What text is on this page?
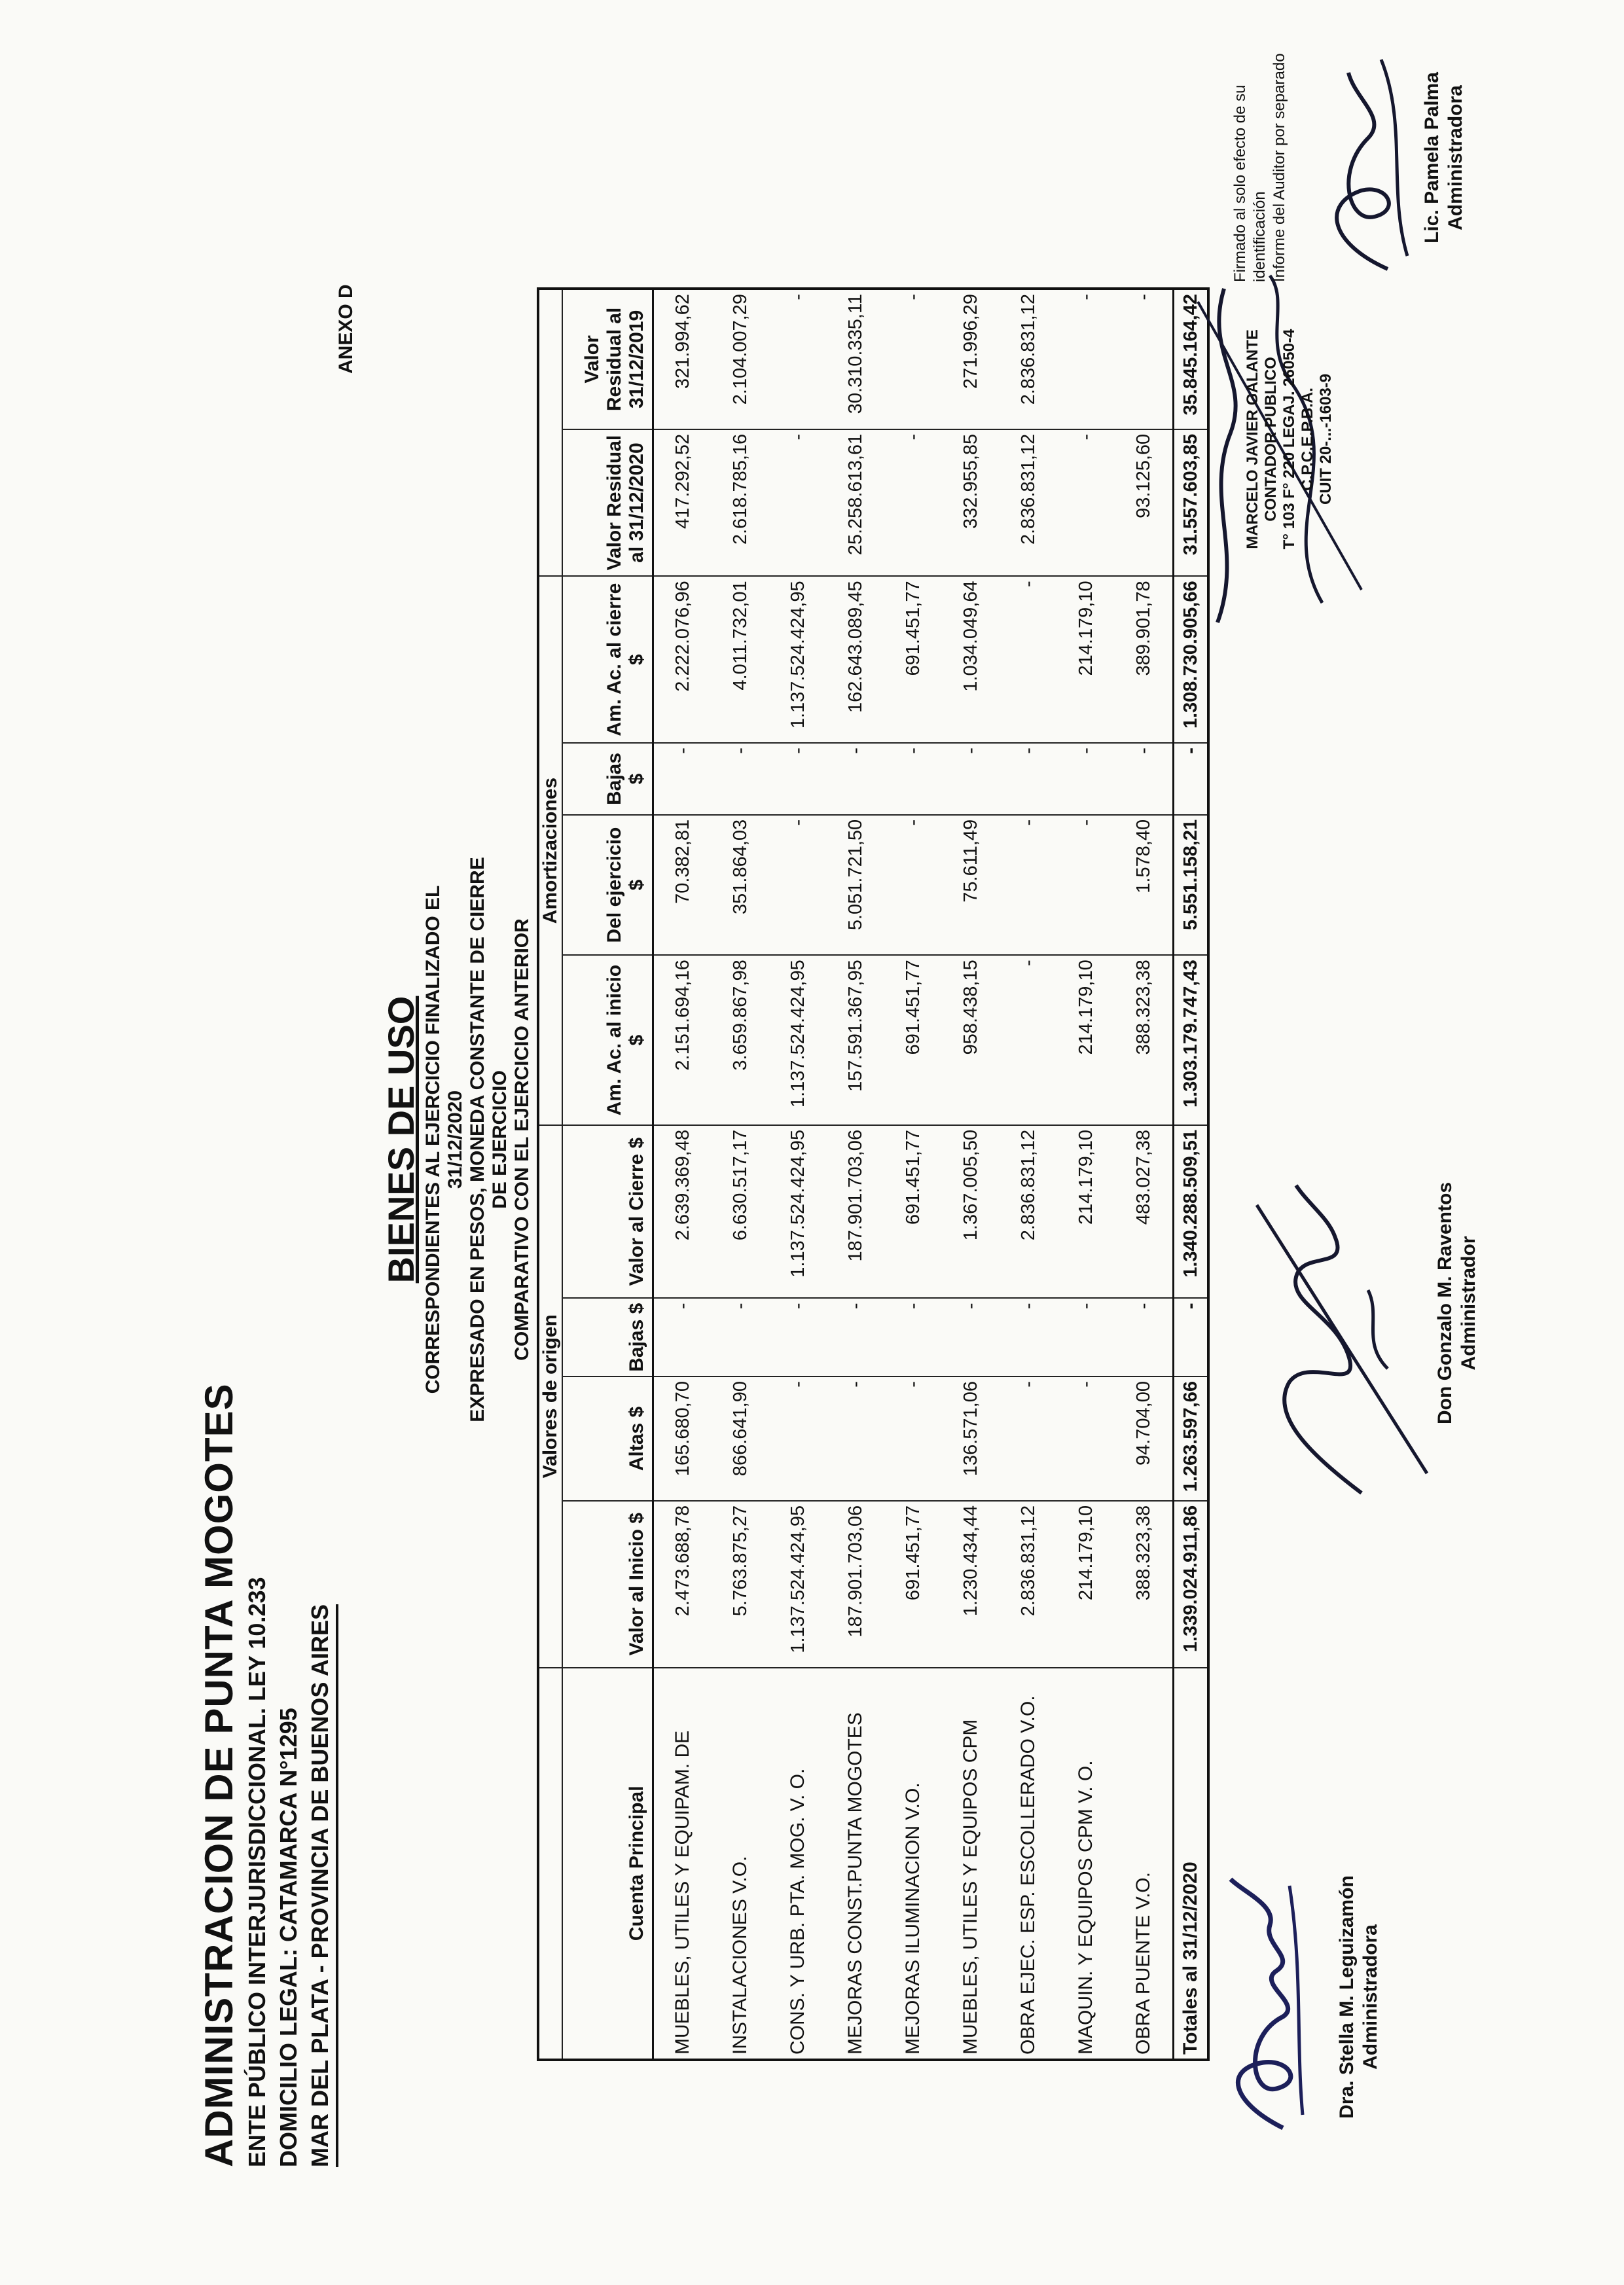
ADMINISTRACION DE PUNTA MOGOTES ENTE PÚBLICO INTERJURISDICCIONAL. LEY 10.233 DOMICILIO LEGAL: CATAMARCA N°1295 MAR DEL PLATA - PROVINCIA DE BUENOS AIRES
ANEXO D
BIENES DE USO CORRESPONDIENTES AL EJERCICIO FINALIZADO EL 31/12/2020 EXPRESADO EN PESOS, MONEDA CONSTANTE DE CIERRE DE EJERCICIO COMPARATIVO CON EL EJERCICIO ANTERIOR
	Valores de origen				Amortizaciones					
Cuenta Principal	Valor al Inicio $	Altas $	Bajas $	Valor al Cierre $	Am. Ac. al inicio $	Del ejercicio $	Bajas $	Am. Ac. al cierre $	Valor Residual al 31/12/2020	Valor Residual al 31/12/2019
MUEBLES, UTILES Y EQUIPAM. DE	2.473.688,78	165.680,70	-	2.639.369,48	2.151.694,16	70.382,81	-	2.222.076,96	417.292,52	321.994,62
INSTALACIONES V.O.	5.763.875,27	866.641,90	-	6.630.517,17	3.659.867,98	351.864,03	-	4.011.732,01	2.618.785,16	2.104.007,29
CONS. Y URB. PTA. MOG. V. O.	1.137.524.424,95	-	-	1.137.524.424,95	1.137.524.424,95	-	-	1.137.524.424,95	-	-
MEJORAS CONST.PUNTA MOGOTES	187.901.703,06	-	-	187.901.703,06	157.591.367,95	5.051.721,50	-	162.643.089,45	25.258.613,61	30.310.335,11
MEJORAS ILUMINACION V.O.	691.451,77	-	-	691.451,77	691.451,77	-	-	691.451,77	-	-
MUEBLES, UTILES Y EQUIPOS CPM	1.230.434,44	136.571,06	-	1.367.005,50	958.438,15	75.611,49	-	1.034.049,64	332.955,85	271.996,29
OBRA EJEC. ESP. ESCOLLERADO V.O.	2.836.831,12	-	-	2.836.831,12	-	-	-	-	2.836.831,12	2.836.831,12
MAQUIN. Y EQUIPOS CPM V. O.	214.179,10	-	-	214.179,10	214.179,10	-	-	214.179,10	-	-
OBRA PUENTE V.O.	388.323,38	94.704,00	-	483.027,38	388.323,38	1.578,40	-	389.901,78	93.125,60	-
Totales al 31/12/2020	1.339.024.911,86	1.263.597,66	-	1.340.288.509,51	1.303.179.747,43	5.551.158,21	-	1.308.730.905,66	31.557.603,85	35.845.164,42
Dra. Stella M. Leguizamón Administradora
Don Gonzalo M. Raventos Administrador
MARCELO JAVIER GALANTE CONTADOR PUBLICO T° 103 F° 220 LEGAJ. 26050-4 C.P.C.E.P.B.A. CUIT 20-...-1603-9
Firmado al solo efecto de su identificación Informe del Auditor por separado	Lic. Pamela Palma Administradora
